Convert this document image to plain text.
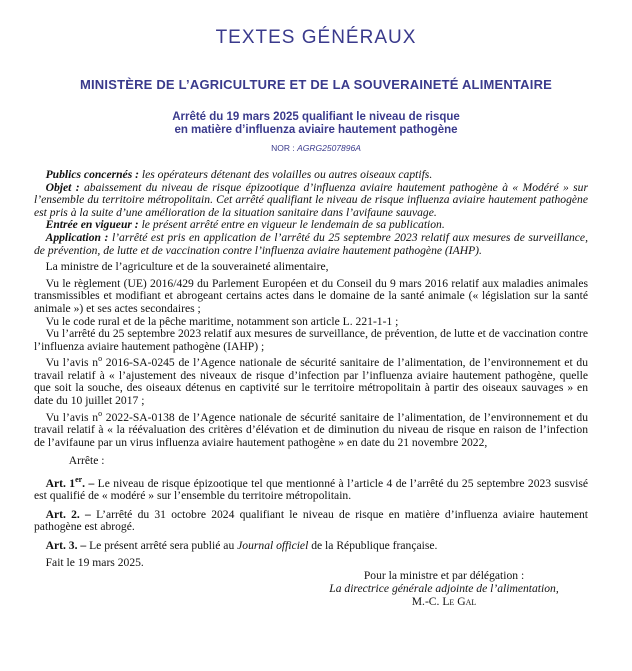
TEXTES GÉNÉRAUX
MINISTÈRE DE L’AGRICULTURE ET DE LA SOUVERAINETÉ ALIMENTAIRE
Arrêté du 19 mars 2025 qualifiant le niveau de risque
en matière d’influenza aviaire hautement pathogène
NOR : AGRG2507896A

 Publics concernés : les opérateurs détenant des volailles ou autres oiseaux captifs.

 Objet : abaissement du niveau de risque épizootique d’influenza aviaire hautement pathogène à « Modéré » sur l’ensemble du territoire métropolitain. Cet arrêté qualifiant le niveau de risque influenza aviaire hautement pathogène est pris à la suite d’une amélioration de la situation sanitaire dans l’avifaune sauvage.

 Entrée en vigueur : le présent arrêté entre en vigueur le lendemain de sa publication.

 Application : l’arrêté est pris en application de l’arrêté du 25 septembre 2023 relatif aux mesures de surveillance, de prévention, de lutte et de vaccination contre l’influenza aviaire hautement pathogène (IAHP).

 La ministre de l’agriculture et de la souveraineté alimentaire,

 Vu le règlement (UE) 2016/429 du Parlement Européen et du Conseil du 9 mars 2016 relatif aux maladies animales transmissibles et modifiant et abrogeant certains actes dans le domaine de la santé animale (« législation sur la santé animale ») et ses actes secondaires ;

 Vu le code rural et de la pêche maritime, notamment son article L. 221-1-1 ;

 Vu l’arrêté du 25 septembre 2023 relatif aux mesures de surveillance, de prévention, de lutte et de vaccination contre l’influenza aviaire hautement pathogène (IAHP) ;

 Vu l’avis $n^o$ 2016-SA-0245 de l’Agence nationale de sécurité sanitaire de l’alimentation, de l’environnement et du travail relatif à « l’ajustement des niveaux de risque d’infection par l’influenza aviaire hautement pathogène, quelle que soit la souche, des oiseaux détenus en captivité sur le territoire métropolitain à partir des oiseaux sauvages » en date du 10 juillet 2017 ;

 Vu l’avis $n^o$ 2022-SA-0138 de l’Agence nationale de sécurité sanitaire de l’alimentation, de l’environnement et du travail relatif à « la réévaluation des critères d’élévation et de diminution du niveau de risque en raison de l’infection de l’avifaune par un virus influenza aviaire hautement pathogène » en date du 21 novembre 2022,

   Arrête :

 Art. 1er. – Le niveau de risque épizootique tel que mentionné à l’article 4 de l’arrêté du 25 septembre 2023 susvisé est qualifié de « modéré » sur l’ensemble du territoire métropolitain.

 Art. 2. – L’arrêté du 31 octobre 2024 qualifiant le niveau de risque en matière d’influenza aviaire hautement pathogène est abrogé.

 Art. 3. – Le présent arrêté sera publié au Journal officiel de la République française.

 Fait le 19 mars 2025.

Pour la ministre et par délégation :
La directrice générale adjointe de l’alimentation,
M.-C. Le Gal
